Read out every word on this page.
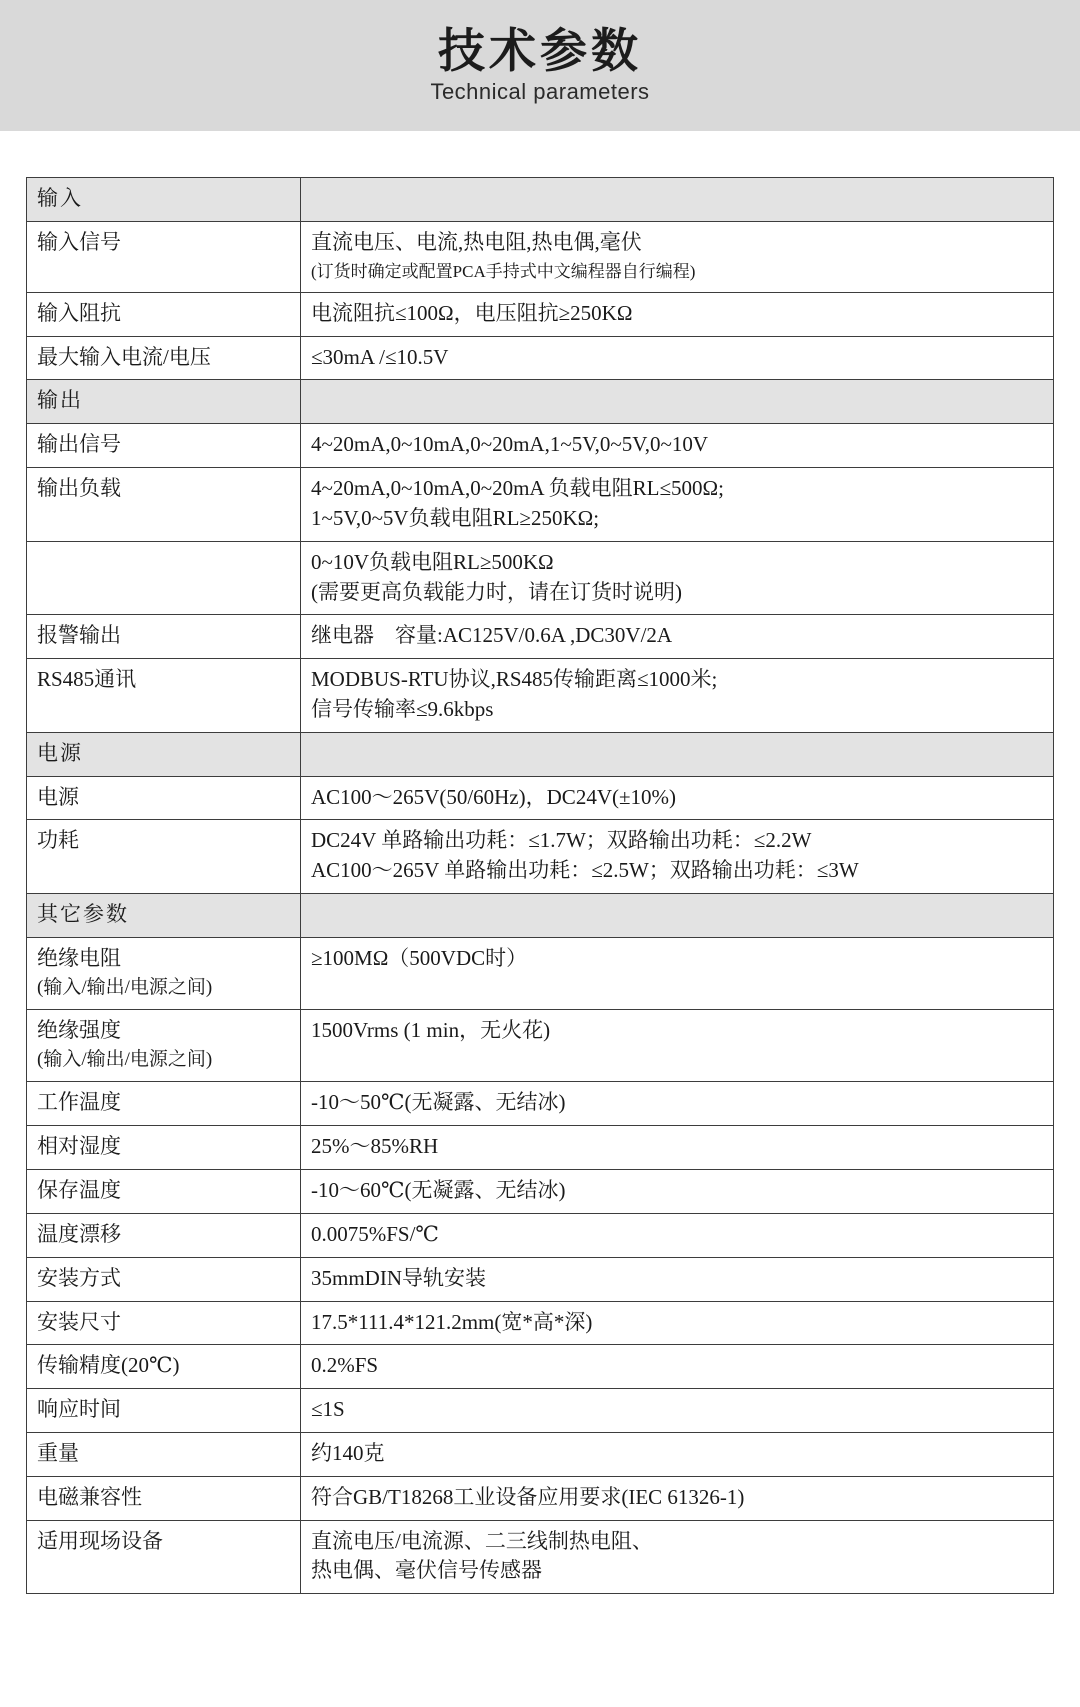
技术参数
Technical parameters
输入	

输入信号	直流电压、电流,热电阻,热电偶,毫伏
(订货时确定或配置PCA手持式中文编程器自行编程)

输入阻抗	电流阻抗≤100Ω，电压阻抗≥250KΩ

最大输入电流/电压	≤30mA /≤10.5V

输出	

输出信号	4~20mA,0~10mA,0~20mA,1~5V,0~5V,0~10V

输出负载	4~20mA,0~10mA,0~20mA 负载电阻RL≤500Ω;
1~5V,0~5V负载电阻RL≥250KΩ;

	0~10V负载电阻RL≥500KΩ
(需要更高负载能力时，请在订货时说明)

报警输出	继电器　容量:AC125V/0.6A ,DC30V/2A

RS485通讯	MODBUS-RTU协议,RS485传输距离≤1000米;
信号传输率≤9.6kbps

电源	

电源	AC100～265V(50/60Hz)，DC24V(±10%)

功耗	DC24V 单路输出功耗：≤1.7W；双路输出功耗：≤2.2W
AC100～265V 单路输出功耗：≤2.5W；双路输出功耗：≤3W

其它参数	

绝缘电阻
(输入/输出/电源之间)	≥100MΩ（500VDC时）

绝缘强度
(输入/输出/电源之间)	1500Vrms (1 min，无火花)

工作温度	-10～50℃(无凝露、无结冰)

相对湿度	25%～85%RH

保存温度	-10～60℃(无凝露、无结冰)

温度漂移	0.0075%FS/℃

安装方式	35mmDIN导轨安装

安装尺寸	17.5*111.4*121.2mm(宽*高*深)

传输精度(20℃)	0.2%FS

响应时间	≤1S

重量	约140克

电磁兼容性	符合GB/T18268工业设备应用要求(IEC 61326-1)

适用现场设备	直流电压/电流源、二三线制热电阻、
热电偶、毫伏信号传感器
